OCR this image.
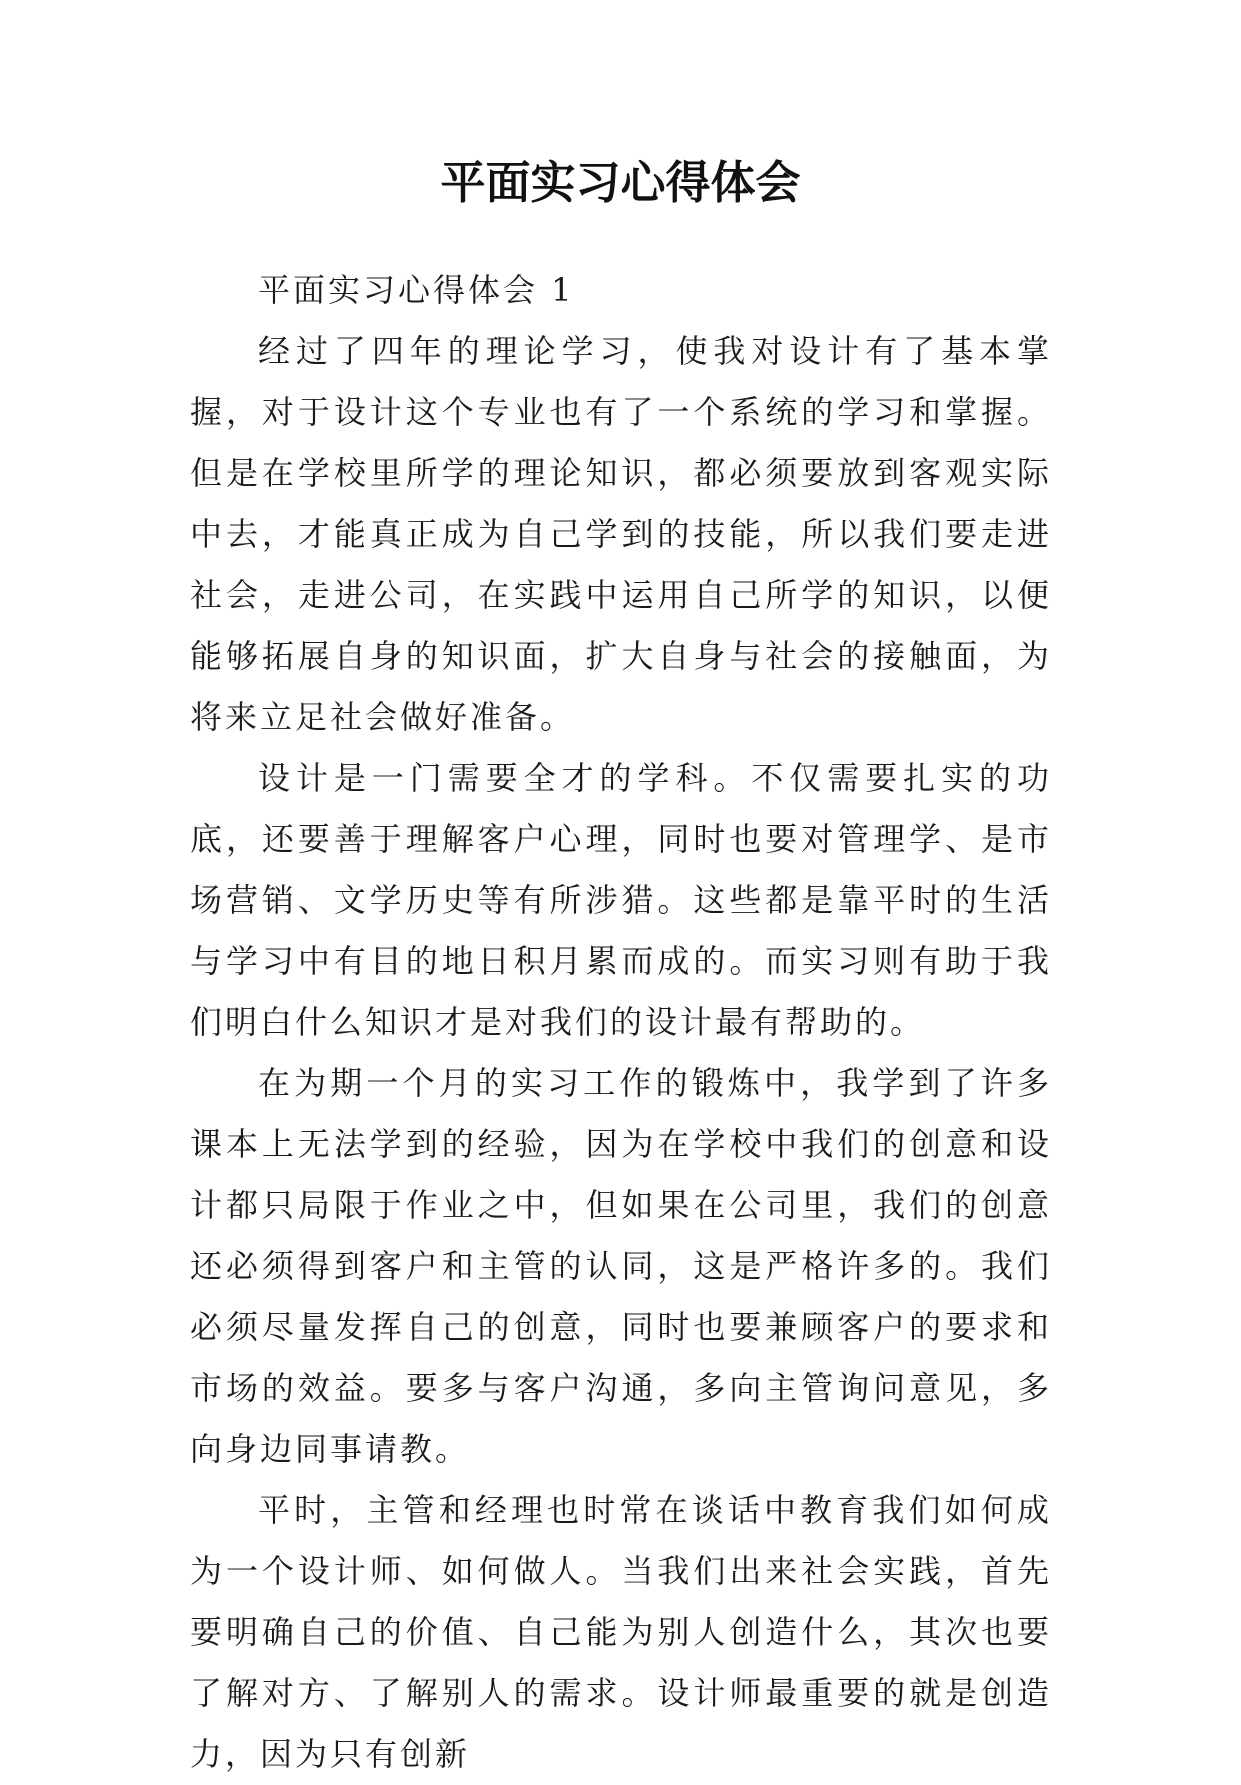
平面实习心得体会

平面实习心得体会 1

经过了四年的理论学习，使我对设计有了基本掌握，对于设计这个专业也有了一个系统的学习和掌握。但是在学校里所学的理论知识，都必须要放到客观实际中去，才能真正成为自己学到的技能，所以我们要走进社会，走进公司，在实践中运用自己所学的知识，以便能够拓展自身的知识面，扩大自身与社会的接触面，为将来立足社会做好准备。

设计是一门需要全才的学科。不仅需要扎实的功底，还要善于理解客户心理，同时也要对管理学、是市场营销、文学历史等有所涉猎。这些都是靠平时的生活与学习中有目的地日积月累而成的。而实习则有助于我们明白什么知识才是对我们的设计最有帮助的。

在为期一个月的实习工作的锻炼中，我学到了许多课本上无法学到的经验，因为在学校中我们的创意和设计都只局限于作业之中，但如果在公司里，我们的创意还必须得到客户和主管的认同，这是严格许多的。我们必须尽量发挥自己的创意，同时也要兼顾客户的要求和市场的效益。要多与客户沟通，多向主管询问意见，多向身边同事请教。

平时，主管和经理也时常在谈话中教育我们如何成为一个设计师、如何做人。当我们出来社会实践，首先要明确自己的价值、自己能为别人创造什么，其次也要了解对方、了解别人的需求。设计师最重要的就是创造力，因为只有创新
